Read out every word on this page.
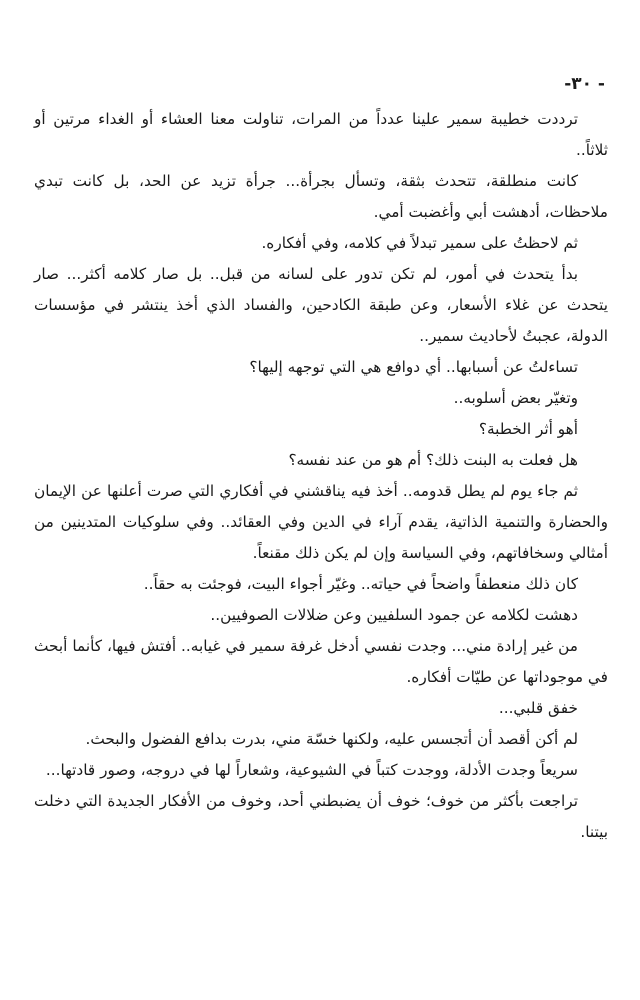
- ٣٠-

ترددت خطيبة سمير علينا عدداً من المرات، تناولت معنا العشاء أو الغداء مرتين أو ثلاثاً..

كانت منطلقة، تتحدث بثقة، وتسأل بجرأة... جرأة تزيد عن الحد، بل كانت تبدي ملاحظات، أدهشت أبي وأغضبت أمي.

ثم لاحظتُ على سمير تبدلاً في كلامه، وفي أفكاره.

بدأ يتحدث في أمور، لم تكن تدور على لسانه من قبل.. بل صار كلامه أكثر... صار يتحدث عن غلاء الأسعار، وعن طبقة الكادحين، والفساد الذي أخذ ينتشر في مؤسسات الدولة، عجبتُ لأحاديث سمير..

تساءلتُ عن أسبابها.. أي دوافع هي التي توجهه إليها؟

وتغيّر بعض أسلوبه..

أهو أثر الخطبة؟

هل فعلت به البنت ذلك؟ أم هو من عند نفسه؟

ثم جاء يوم لم يطل قدومه.. أخذ فيه يناقشني في أفكاري التي صرت أعلنها عن الإيمان والحضارة والتنمية الذاتية، يقدم آراء في الدين وفي العقائد.. وفي سلوكيات المتدينين من أمثالي وسخافاتهم، وفي السياسة وإن لم يكن ذلك مقنعاً.

كان ذلك منعطفاً واضحاً في حياته.. وغيّر أجواء البيت، فوجئت به حقاً..

دهشت لكلامه عن جمود السلفيين وعن ضلالات الصوفيين..

من غير إرادة مني... وجدت نفسي أدخل غرفة سمير في غيابه.. أفتش فيها، كأنما أبحث في موجوداتها عن طيّات أفكاره.

خفق قلبي...

لم أكن أقصد أن أتجسس عليه، ولكنها خسّة مني، بدرت بدافع الفضول والبحث.

سريعاً وجدت الأدلة، ووجدت كتباً في الشيوعية، وشعاراً لها في دروجه، وصور قادتها...

تراجعت بأكثر من خوف؛ خوف أن يضبطني أحد، وخوف من الأفكار الجديدة التي دخلت بيتنا.
